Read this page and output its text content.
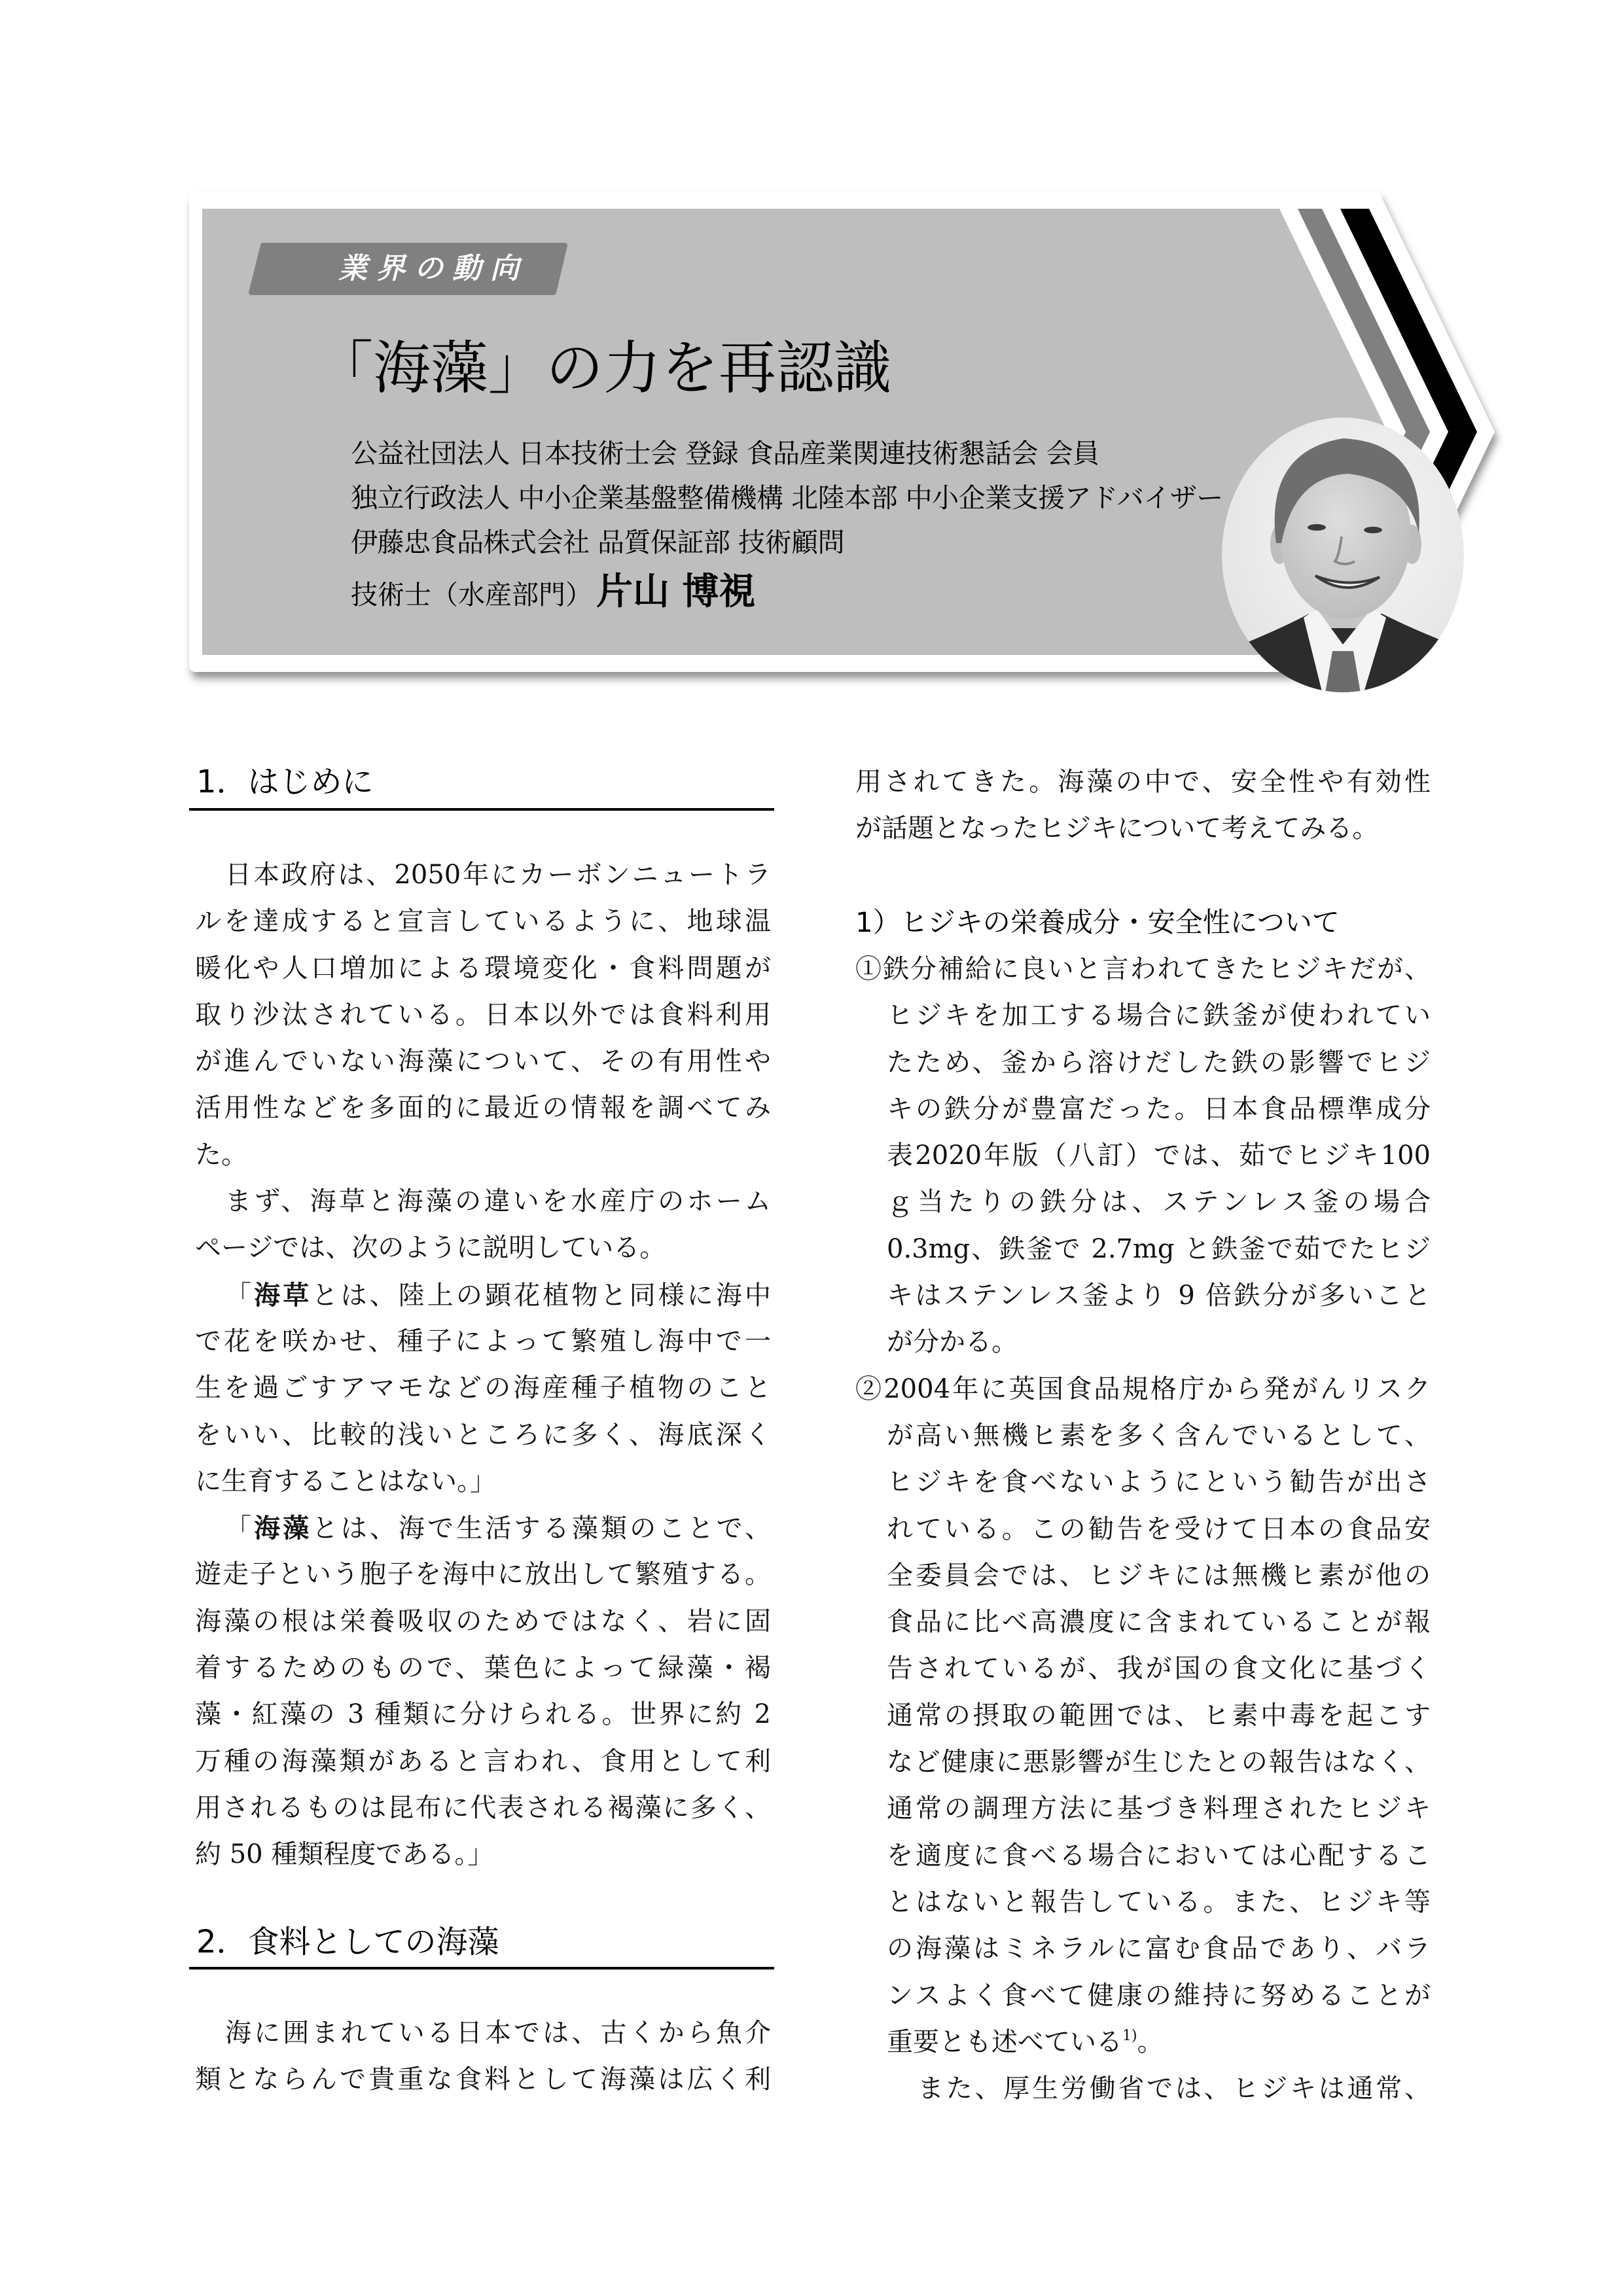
業界の動向
「海藻」の力を再認識
公益社団法人 日本技術士会 登録 食品産業関連技術懇話会 会員
独立行政法人 中小企業基盤整備機構 北陸本部 中小企業支援アドバイザー
伊藤忠食品株式会社 品質保証部 技術顧問
技術士（水産部門） 片山 博視
1．はじめに
日本政府は、2050年にカーボンニュートラ
ルを達成すると宣言しているように、地球温
暖化や人口増加による環境変化・食料問題が
取り沙汰されている。日本以外では食料利用
が進んでいない海藻について、その有用性や
活用性などを多面的に最近の情報を調べてみ
た。
まず、海草と海藻の違いを水産庁のホーム
ページでは、次のように説明している。
「海草とは、陸上の顕花植物と同様に海中
で花を咲かせ、種子によって繁殖し海中で一
生を過ごすアマモなどの海産種子植物のこと
をいい、比較的浅いところに多く、海底深く
に生育することはない。」
「海藻とは、海で生活する藻類のことで、
遊走子という胞子を海中に放出して繁殖する。
海藻の根は栄養吸収のためではなく、岩に固
着するためのもので、葉色によって緑藻・褐
藻・紅藻の 3 種類に分けられる。世界に約 2
万種の海藻類があると言われ、食用として利
用されるものは昆布に代表される褐藻に多く、
約 50 種類程度である。」
2．食料としての海藻
海に囲まれている日本では、古くから魚介
類とならんで貴重な食料として海藻は広く利
用されてきた。海藻の中で、安全性や有効性
が話題となったヒジキについて考えてみる。
1）ヒジキの栄養成分・安全性について
①鉄分補給に良いと言われてきたヒジキだが、
ヒジキを加工する場合に鉄釜が使われてい
たため、釜から溶けだした鉄の影響でヒジ
キの鉄分が豊富だった。日本食品標準成分
表2020年版（八訂）では、茹でヒジキ100
ｇ当たりの鉄分は、ステンレス釜の場合
0.3mg、鉄釜で 2.7mg と鉄釜で茹でたヒジ
キはステンレス釜より 9 倍鉄分が多いこと
が分かる。
②2004年に英国食品規格庁から発がんリスク
が高い無機ヒ素を多く含んでいるとして、
ヒジキを食べないようにという勧告が出さ
れている。この勧告を受けて日本の食品安
全委員会では、ヒジキには無機ヒ素が他の
食品に比べ高濃度に含まれていることが報
告されているが、我が国の食文化に基づく
通常の摂取の範囲では、ヒ素中毒を起こす
など健康に悪影響が生じたとの報告はなく、
通常の調理方法に基づき料理されたヒジキ
を適度に食べる場合においては心配するこ
とはないと報告している。また、ヒジキ等
の海藻はミネラルに富む食品であり、バラ
ンスよく食べて健康の維持に努めることが
重要とも述べている$^{1)}$。
また、厚生労働省では、ヒジキは通常、
